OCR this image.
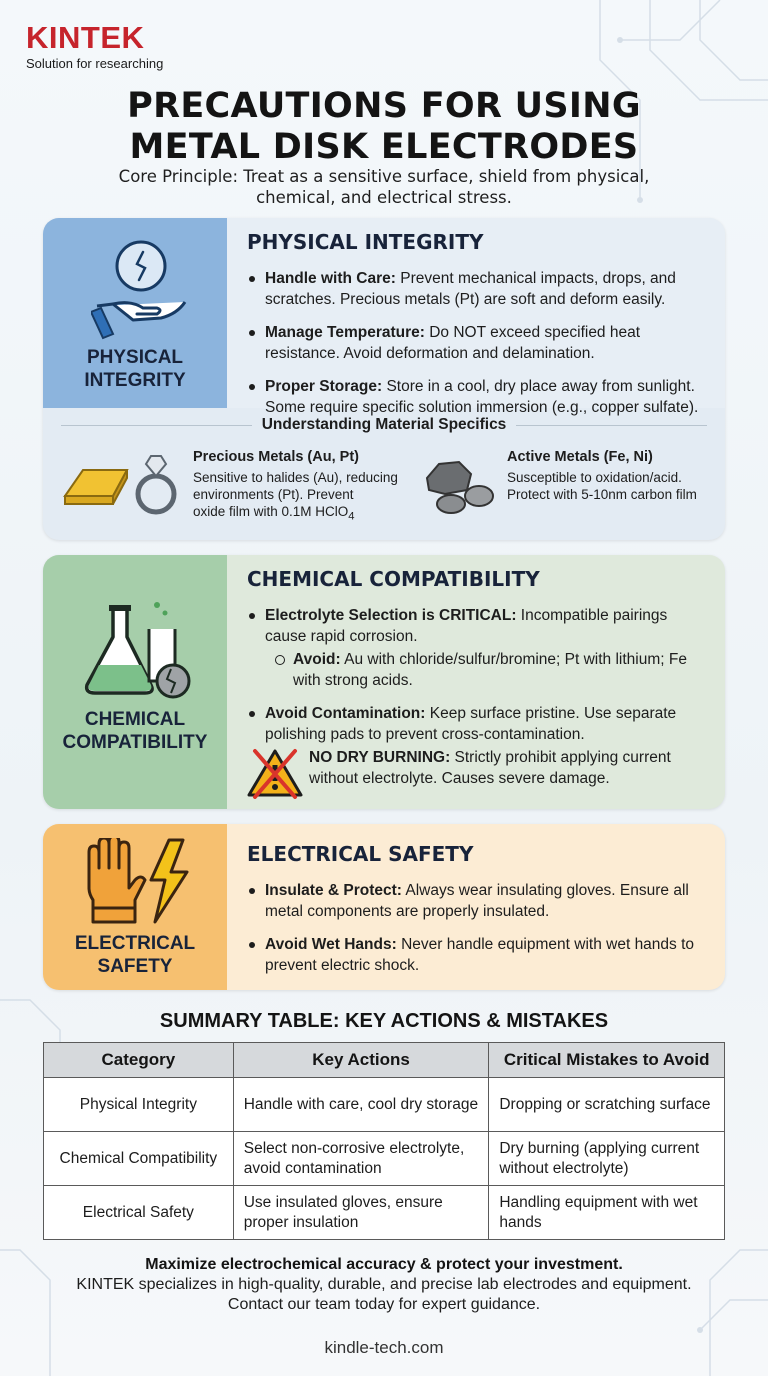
KINTEK
Solution for researching
PRECAUTIONS FOR USING
METAL DISK ELECTRODES
Core Principle: Treat as a sensitive surface, shield from physical,
chemical, and electrical stress.
PHYSICAL
INTEGRITY
PHYSICAL INTEGRITY
Handle with Care: Prevent mechanical impacts, drops, and scratches. Precious metals (Pt) are soft and deform easily.
Manage Temperature: Do NOT exceed specified heat resistance. Avoid deformation and delamination.
Proper Storage: Store in a cool, dry place away from sunlight. Some require specific solution immersion (e.g., copper sulfate).
Understanding Material Specifics
Precious Metals (Au, Pt)
Sensitive to halides (Au), reducing
environments (Pt). Prevent
oxide film with 0.1M HClO$_4$
Active Metals (Fe, Ni)
Susceptible to oxidation/acid.
Protect with 5-10nm carbon film
CHEMICAL
COMPATIBILITY
CHEMICAL COMPATIBILITY
Electrolyte Selection is CRITICAL: Incompatible pairings cause rapid corrosion.
Avoid: Au with chloride/sulfur/bromine; Pt with lithium; Fe with strong acids.
Avoid Contamination: Keep surface pristine. Use separate polishing pads to prevent cross-contamination.
NO DRY BURNING: Strictly prohibit applying current without electrolyte. Causes severe damage.
ELECTRICAL
SAFETY
ELECTRICAL SAFETY
Insulate & Protect: Always wear insulating gloves. Ensure all metal components are properly insulated.
Avoid Wet Hands: Never handle equipment with wet hands to prevent electric shock.
SUMMARY TABLE: KEY ACTIONS & MISTAKES
Category	Key Actions	Critical Mistakes to Avoid
Physical Integrity	Handle with care, cool dry storage	Dropping or scratching surface
Chemical Compatibility	Select non-corrosive electrolyte, avoid contamination	Dry burning (applying current without electrolyte)
Electrical Safety	Use insulated gloves, ensure proper insulation	Handling equipment with wet hands
Maximize electrochemical accuracy & protect your investment.
KINTEK specializes in high-quality, durable, and precise lab electrodes and equipment.
Contact our team today for expert guidance.
kindle-tech.com
